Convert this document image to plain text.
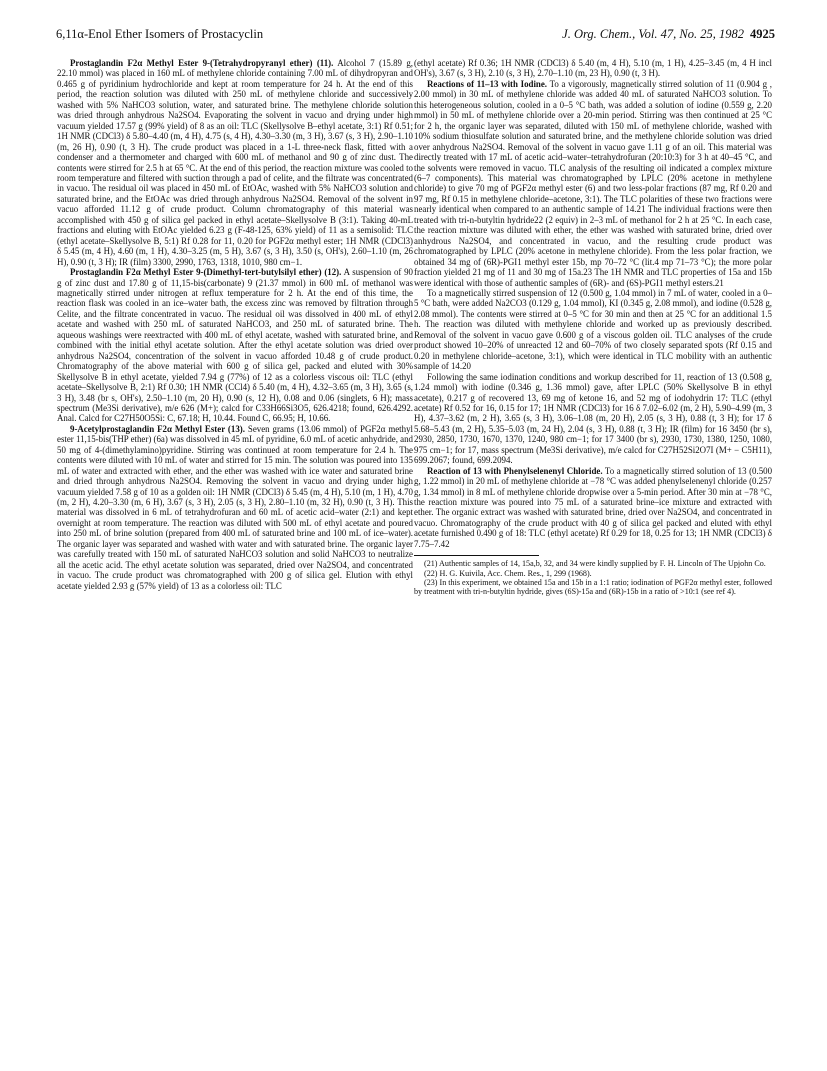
6,11α-Enol Ether Isomers of Prostacyclin	J. Org. Chem., Vol. 47, No. 25, 1982 4925

Prostaglandin F2α Methyl Ester 9-(Tetrahydropyranyl ether) (11). Alcohol 7 (15.89 g, 22.10 mmol) was placed in 160 mL of methylene chloride containing 7.00 mL of dihydropyran and 0.465 g of pyridinium hydrochloride and kept at room temperature for 24 h. At the end of this period, the reaction solution was diluted with 250 mL of methylene chloride and successively washed with 5% NaHCO3 solution, water, and saturated brine. The methylene chloride solution was dried through anhydrous Na2SO4. Evaporating the solvent in vacuo and drying under high vacuum yielded 17.57 g (99% yield) of 8 as an oil: TLC (Skellysolve B–ethyl acetate, 3:1) Rf 0.51; 1H NMR (CDCl3) δ 5.80–4.40 (m, 4 H), 4.75 (s, 4 H), 4.30–3.30 (m, 3 H), 3.67 (s, 3 H), 2.90–1.10 (m, 26 H), 0.90 (t, 3 H). The crude product was placed in a 1-L three-neck flask, fitted with a condenser and a thermometer and charged with 600 mL of methanol and 90 g of zinc dust. The contents were stirred for 2.5 h at 65 °C. At the end of this period, the reaction mixture was cooled to room temperature and filtered with suction through a pad of celite, and the filtrate was concentrated in vacuo. The residual oil was placed in 450 mL of EtOAc, washed with 5% NaHCO3 solution and saturated brine, and the EtOAc was dried through anhydrous Na2SO4. Removal of the solvent in vacuo afforded 11.12 g of crude product. Column chromatography of this material was accomplished with 450 g of silica gel packed in ethyl acetate–Skellysolve B (3:1). Taking 40-mL fractions and eluting with EtOAc yielded 6.23 g (F-48-125, 63% yield) of 11 as a semisolid: TLC (ethyl acetate–Skellysolve B, 5:1) Rf 0.28 for 11, 0.20 for PGF2α methyl ester; 1H NMR (CDCl3) δ 5.45 (m, 4 H), 4.60 (m, 1 H), 4.30–3.25 (m, 5 H), 3.67 (s, 3 H), 3.50 (s, OH's), 2.60–1.10 (m, 26 H), 0.90 (t, 3 H); IR (film) 3300, 2990, 1763, 1318, 1010, 980 cm−1.

Prostaglandin F2α Methyl Ester 9-(Dimethyl-tert-butylsilyl ether) (12). A suspension of 90 g of zinc dust and 17.80 g of 11,15-bis(carbonate) 9 (21.37 mmol) in 600 mL of methanol was magnetically stirred under nitrogen at reflux temperature for 2 h. At the end of this time, the reaction flask was cooled in an ice–water bath, the excess zinc was removed by filtration through Celite, and the filtrate concentrated in vacuo. The residual oil was dissolved in 400 mL of ethyl acetate and washed with 250 mL of saturated NaHCO3, and 250 mL of saturated brine. The aqueous washings were reextracted with 400 mL of ethyl acetate, washed with saturated brine, and combined with the initial ethyl acetate solution. After the ethyl acetate solution was dried over anhydrous Na2SO4, concentration of the solvent in vacuo afforded 10.48 g of crude product. Chromatography of the above material with 600 g of silica gel, packed and eluted with 30% Skellysolve B in ethyl acetate, yielded 7.94 g (77%) of 12 as a colorless viscous oil: TLC (ethyl acetate–Skellysolve B, 2:1) Rf 0.30; 1H NMR (CCl4) δ 5.40 (m, 4 H), 4.32–3.65 (m, 3 H), 3.65 (s, 3 H), 3.48 (br s, OH's), 2.50–1.10 (m, 20 H), 0.90 (s, 12 H), 0.08 and 0.06 (singlets, 6 H); mass spectrum (Me3Si derivative), m/e 626 (M+); calcd for C33H66Si3O5, 626.4218; found, 626.4292. Anal. Calcd for C27H50O5Si: C, 67.18; H, 10.44. Found C, 66.95; H, 10.66.

9-Acetylprostaglandin F2α Methyl Ester (13). Seven grams (13.06 mmol) of PGF2α methyl ester 11,15-bis(THP ether) (6a) was dissolved in 45 mL of pyridine, 6.0 mL of acetic anhydride, and 50 mg of 4-(dimethylamino)pyridine. Stirring was continued at room temperature for 2.4 h. The contents were diluted with 10 mL of water and stirred for 15 min. The solution was poured into 135 mL of water and extracted with ether, and the ether was washed with ice water and saturated brine and dried through anhydrous Na2SO4. Removing the solvent in vacuo and drying under high vacuum yielded 7.58 g of 10 as a golden oil: 1H NMR (CDCl3) δ 5.45 (m, 4 H), 5.10 (m, 1 H), 4.70 (m, 2 H), 4.20–3.30 (m, 6 H), 3.67 (s, 3 H), 2.05 (s, 3 H), 2.80–1.10 (m, 32 H), 0.90 (t, 3 H). This material was dissolved in 6 mL of tetrahydrofuran and 60 mL of acetic acid–water (2:1) and kept overnight at room temperature. The reaction was diluted with 500 mL of ethyl acetate and poured into 250 mL of brine solution (prepared from 400 mL of saturated brine and 100 mL of ice–water). The organic layer was separated and washed with water and with saturated brine. The organic layer was carefully treated with 150 mL of saturated NaHCO3 solution and solid NaHCO3 to neutralize all the acetic acid. The ethyl acetate solution was separated, dried over Na2SO4, and concentrated in vacuo. The crude product was chromatographed with 200 g of silica gel. Elution with ethyl acetate yielded 2.93 g (57% yield) of 13 as a colorless oil: TLC

(ethyl acetate) Rf 0.36; 1H NMR (CDCl3) δ 5.40 (m, 4 H), 5.10 (m, 1 H), 4.25–3.45 (m, 4 H incl OH's), 3.67 (s, 3 H), 2.10 (s, 3 H), 2.70–1.10 (m, 23 H), 0.90 (t, 3 H).

Reactions of 11–13 with Iodine. To a vigorously, magnetically stirred solution of 11 (0.904 g , 2.00 mmol) in 30 mL of methylene chloride was added 40 mL of saturated NaHCO3 solution. To this heterogeneous solution, cooled in a 0–5 °C bath, was added a solution of iodine (0.559 g, 2.20 mmol) in 50 mL of methylene chloride over a 20-min period. Stirring was then continued at 25 °C for 2 h, the organic layer was separated, diluted with 150 mL of methylene chloride, washed with 10% sodium thiosulfate solution and saturated brine, and the methylene chloride solution was dried over anhydrous Na2SO4. Removal of the solvent in vacuo gave 1.11 g of an oil. This material was directly treated with 17 mL of acetic acid–water–tetrahydrofuran (20:10:3) for 3 h at 40–45 °C, and the solvents were removed in vacuo. TLC analysis of the resulting oil indicated a complex mixture (6–7 components). This material was chromatographed by LPLC (20% acetone in methylene chloride) to give 70 mg of PGF2α methyl ester (6) and two less-polar fractions (87 mg, Rf 0.20 and 97 mg, Rf 0.15 in methylene chloride–acetone, 3:1). The TLC polarities of these two fractions were nearly identical when compared to an authentic sample of 14.21 The individual fractions were then treated with tri-n-butyltin hydride22 (2 equiv) in 2–3 mL of methanol for 2 h at 25 °C. In each case, the reaction mixture was diluted with ether, the ether was washed with saturated brine, dried over anhydrous Na2SO4, and concentrated in vacuo, and the resulting crude product was chromatographed by LPLC (20% acetone in methylene chloride). From the less polar fraction, we obtained 34 mg of (6R)-PGI1 methyl ester 15b, mp 70–72 °C (lit.4 mp 71–73 °C); the more polar fraction yielded 21 mg of 11 and 30 mg of 15a.23 The 1H NMR and TLC properties of 15a and 15b were identical with those of authentic samples of (6R)- and (6S)-PGI1 methyl esters.21

To a magnetically stirred suspension of 12 (0.500 g, 1.04 mmol) in 7 mL of water, cooled in a 0–5 °C bath, were added Na2CO3 (0.129 g, 1.04 mmol), KI (0.345 g, 2.08 mmol), and iodine (0.528 g, 2.08 mmol). The contents were stirred at 0–5 °C for 30 min and then at 25 °C for an additional 1.5 h. The reaction was diluted with methylene chloride and worked up as previously described. Removal of the solvent in vacuo gave 0.600 g of a viscous golden oil. TLC analyses of the crude product showed 10–20% of unreacted 12 and 60–70% of two closely separated spots (Rf 0.15 and 0.20 in methylene chloride–acetone, 3:1), which were identical in TLC mobility with an authentic sample of 14.20

Following the same iodination conditions and workup described for 11, reaction of 13 (0.508 g, 1.24 mmol) with iodine (0.346 g, 1.36 mmol) gave, after LPLC (50% Skellysolve B in ethyl acetate), 0.217 g of recovered 13, 69 mg of ketone 16, and 52 mg of iodohydrin 17: TLC (ethyl acetate) Rf 0.52 for 16, 0.15 for 17; 1H NMR (CDCl3) for 16 δ 7.02–6.02 (m, 2 H), 5.90–4.99 (m, 3 H), 4.37–3.62 (m, 2 H), 3.65 (s, 3 H), 3.06–1.08 (m, 20 H), 2.05 (s, 3 H), 0.88 (t, 3 H); for 17 δ 5.68–5.43 (m, 2 H), 5.35–5.03 (m, 24 H), 2.04 (s, 3 H), 0.88 (t, 3 H); IR (film) for 16 3450 (br s), 2930, 2850, 1730, 1670, 1370, 1240, 980 cm−1; for 17 3400 (br s), 2930, 1730, 1380, 1250, 1080, 975 cm−1; for 17, mass spectrum (Me3Si derivative), m/e calcd for C27H52Si2O7I (M+ − C5H11), 699.2067; found, 699.2094.

Reaction of 13 with Phenylselenenyl Chloride. To a magnetically stirred solution of 13 (0.500 g, 1.22 mmol) in 20 mL of methylene chloride at −78 °C was added phenylselenenyl chloride (0.257 g, 1.34 mmol) in 8 mL of methylene chloride dropwise over a 5-min period. After 30 min at −78 °C, the reaction mixture was poured into 75 mL of a saturated brine–ice mixture and extracted with ether. The organic extract was washed with saturated brine, dried over Na2SO4, and concentrated in vacuo. Chromatography of the crude product with 40 g of silica gel packed and eluted with ethyl acetate furnished 0.490 g of 18: TLC (ethyl acetate) Rf 0.29 for 18, 0.25 for 13; 1H NMR (CDCl3) δ 7.75–7.42

(21) Authentic samples of 14, 15a,b, 32, and 34 were kindly supplied by F. H. Lincoln of The Upjohn Co.

(22) H. G. Kuivila, Acc. Chem. Res., 1, 299 (1968).

(23) In this experiment, we obtained 15a and 15b in a 1:1 ratio; iodination of PGF2α methyl ester, followed by treatment with tri-n-butyltin hydride, gives (6S)-15a and (6R)-15b in a ratio of >10:1 (see ref 4).
